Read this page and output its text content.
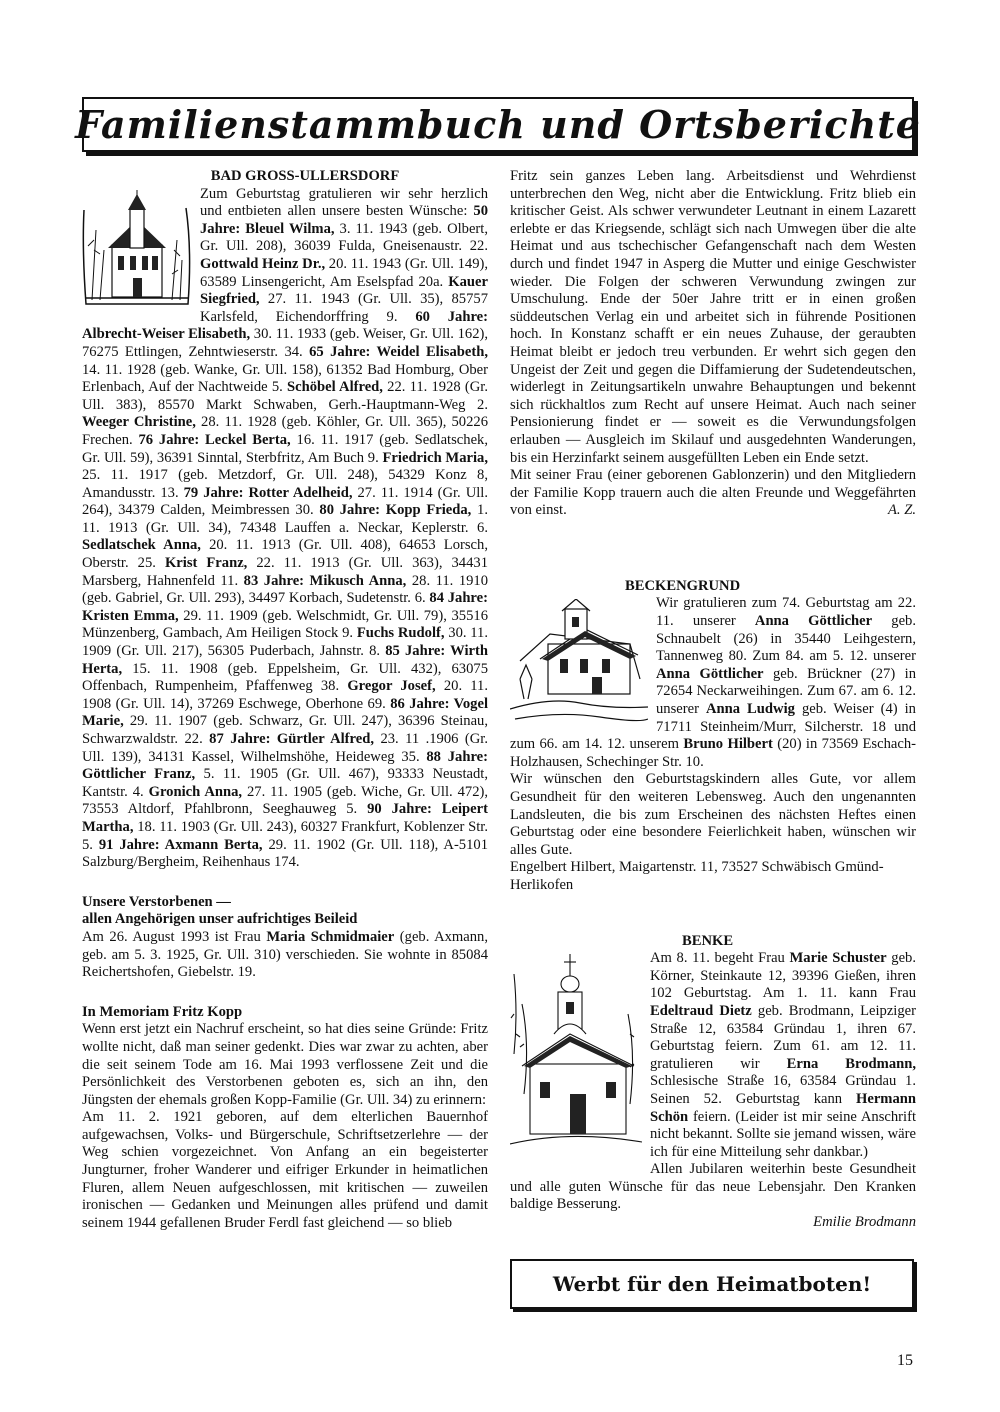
Familienstammbuch und Ortsberichte

BAD GROSS-ULLERSDORF

Zum Geburtstag gratulieren wir sehr herzlich und entbieten allen unsere besten Wünsche: 50 Jahre: Bleuel Wilma, 3. 11. 1943 (geb. Olbert, Gr. Ull. 208), 36039 Fulda, Gneisenaustr. 22. Gottwald Heinz Dr., 20. 11. 1943 (Gr. Ull. 149), 63589 Linsengericht, Am Eselspfad 20a. Kauer Siegfried, 27. 11. 1943 (Gr. Ull. 35), 85757 Karlsfeld, Eichendorffring 9. 60 Jahre: Albrecht-Weiser Elisabeth, 30. 11. 1933 (geb. Weiser, Gr. Ull. 162), 76275 Ettlingen, Zehntwieserstr. 34. 65 Jahre: Weidel Elisabeth, 14. 11. 1928 (geb. Wanke, Gr. Ull. 158), 61352 Bad Homburg, Ober Erlenbach, Auf der Nachtweide 5. Schöbel Alfred, 22. 11. 1928 (Gr. Ull. 383), 85570 Markt Schwaben, Gerh.-Hauptmann-Weg 2. Weeger Christine, 28. 11. 1928 (geb. Köhler, Gr. Ull. 365), 50226 Frechen. 76 Jahre: Leckel Berta, 16. 11. 1917 (geb. Sedlatschek, Gr. Ull. 59), 36391 Sinntal, Sterbfritz, Am Buch 9. Friedrich Maria, 25. 11. 1917 (geb. Metzdorf, Gr. Ull. 248), 54329 Konz 8, Amandusstr. 13. 79 Jahre: Rotter Adelheid, 27. 11. 1914 (Gr. Ull. 264), 34379 Calden, Meimbressen 30. 80 Jahre: Kopp Frieda, 1. 11. 1913 (Gr. Ull. 34), 74348 Lauffen a. Neckar, Keplerstr. 6. Sedlatschek Anna, 20. 11. 1913 (Gr. Ull. 408), 64653 Lorsch, Oberstr. 25. Krist Franz, 22. 11. 1913 (Gr. Ull. 363), 34431 Marsberg, Hahnenfeld 11. 83 Jahre: Mikusch Anna, 28. 11. 1910 (geb. Gabriel, Gr. Ull. 293), 34497 Korbach, Sudetenstr. 6. 84 Jahre: Kristen Emma, 29. 11. 1909 (geb. Welschmidt, Gr. Ull. 79), 35516 Münzenberg, Gambach, Am Heiligen Stock 9. Fuchs Rudolf, 30. 11. 1909 (Gr. Ull. 217), 56305 Puderbach, Jahnstr. 8. 85 Jahre: Wirth Herta, 15. 11. 1908 (geb. Eppelsheim, Gr. Ull. 432), 63075 Offenbach, Rumpenheim, Pfaffenweg 38. Gregor Josef, 20. 11. 1908 (Gr. Ull. 14), 37269 Eschwege, Oberhone 69. 86 Jahre: Vogel Marie, 29. 11. 1907 (geb. Schwarz, Gr. Ull. 247), 36396 Steinau, Schwarzwaldstr. 22. 87 Jahre: Gürtler Alfred, 23. 11 .1906 (Gr. Ull. 139), 34131 Kassel, Wilhelmshöhe, Heideweg 35. 88 Jahre: Göttlicher Franz, 5. 11. 1905 (Gr. Ull. 467), 93333 Neustadt, Kantstr. 4. Gronich Anna, 27. 11. 1905 (geb. Wiche, Gr. Ull. 472), 73553 Altdorf, Pfahlbronn, Seeghauweg 5. 90 Jahre: Leipert Martha, 18. 11. 1903 (Gr. Ull. 243), 60327 Frankfurt, Koblenzer Str. 5. 91 Jahre: Axmann Berta, 29. 11. 1902 (Gr. Ull. 118), A-5101 Salzburg/Bergheim, Reihenhaus 174.

Unsere Verstorbenen —

allen Angehörigen unser aufrichtiges Beileid

Am 26. August 1993 ist Frau Maria Schmidmaier (geb. Axmann, geb. am 5. 3. 1925, Gr. Ull. 310) verschieden. Sie wohnte in 85084 Reichertshofen, Giebelstr. 19.

In Memoriam Fritz Kopp

Wenn erst jetzt ein Nachruf erscheint, so hat dies seine Gründe: Fritz wollte nicht, daß man seiner gedenkt. Dies war zwar zu achten, aber die seit seinem Tode am 16. Mai 1993 verflossene Zeit und die Persönlichkeit des Verstorbenen geboten es, sich an ihn, den Jüngsten der ehemals großen Kopp-Familie (Gr. Ull. 34) zu erinnern:

Am 11. 2. 1921 geboren, auf dem elterlichen Bauernhof aufgewachsen, Volks- und Bürgerschule, Schriftsetzerlehre — der Weg schien vorgezeichnet. Von Anfang an ein begeisterter Jungturner, froher Wanderer und eifriger Erkunder in heimatlichen Fluren, allem Neuen aufgeschlossen, mit kritischen — zuweilen ironischen — Gedanken und Meinungen alles prüfend und damit seinem 1944 gefallenen Bruder Ferdl fast gleichend — so blieb

Fritz sein ganzes Leben lang. Arbeitsdienst und Wehrdienst unterbrechen den Weg, nicht aber die Entwicklung. Fritz blieb ein kritischer Geist. Als schwer verwundeter Leutnant in einem Lazarett erlebte er das Kriegsende, schlägt sich nach Umwegen über die alte Heimat und aus tschechischer Gefangenschaft nach dem Westen durch und findet 1947 in Asperg die Mutter und einige Geschwister wieder. Die Folgen der schweren Verwundung zwingen zur Umschulung. Ende der 50er Jahre tritt er in einen großen süddeutschen Verlag ein und arbeitet sich in führende Positionen hoch. In Konstanz schafft er ein neues Zuhause, der geraubten Heimat bleibt er jedoch treu verbunden. Er wehrt sich gegen den Ungeist der Zeit und gegen die Diffamierung der Sudetendeutschen, widerlegt in Zeitungsartikeln unwahre Behauptungen und bekennt sich rückhaltlos zum Recht auf unsere Heimat. Auch nach seiner Pensionierung findet er — soweit es die Verwundungsfolgen erlauben — Ausgleich im Skilauf und ausgedehnten Wanderungen, bis ein Herzinfarkt seinem ausgefüllten Leben ein Ende setzt.

Mit seiner Frau (einer geborenen Gablonzerin) und den Mitgliedern der Familie Kopp trauern auch die alten Freunde und Weggefährten von einst.	A. Z.

BECKENGRUND

Wir gratulieren zum 74. Geburtstag am 22. 11. unserer Anna Göttlicher geb. Schnaubelt (26) in 35440 Leihgestern, Tannenweg 80. Zum 84. am 5. 12. unserer Anna Göttlicher geb. Brückner (27) in 72654 Neckarweihingen. Zum 67. am 6. 12. unserer Anna Ludwig geb. Weiser (4) in 71711 Steinheim/Murr, Silcherstr. 18 und zum 66. am 14. 12. unserem Bruno Hilbert (20) in 73569 Eschach-Holzhausen, Schechinger Str. 10.

Wir wünschen den Geburtstagskindern alles Gute, vor allem Gesundheit für den weiteren Lebensweg. Auch den ungenannten Landsleuten, die bis zum Erscheinen des nächsten Heftes einen Geburtstag oder eine besondere Feierlichkeit haben, wünschen wir alles Gute.

Engelbert Hilbert, Maigartenstr. 11, 73527 Schwäbisch Gmünd-Herlikofen

BENKE

Am 8. 11. begeht Frau Marie Schuster geb. Körner, Steinkaute 12, 39396 Gießen, ihren 102 Geburtstag. Am 1. 11. kann Frau Edeltraud Dietz geb. Brodmann, Leipziger Straße 12, 63584 Gründau 1, ihren 67. Geburtstag feiern. Zum 61. am 12. 11. gratulieren wir Erna Brodmann, Schlesische Straße 16, 63584 Gründau 1. Seinen 52. Geburtstag kann Hermann Schön feiern. (Leider ist mir seine Anschrift nicht bekannt. Sollte sie jemand wissen, wäre ich für eine Mitteilung sehr dankbar.)

Allen Jubilaren weiterhin beste Gesundheit und alle guten Wünsche für das neue Lebensjahr. Den Kranken baldige Besserung.

Emilie Brodmann

Werbt für den Heimatboten!
15
